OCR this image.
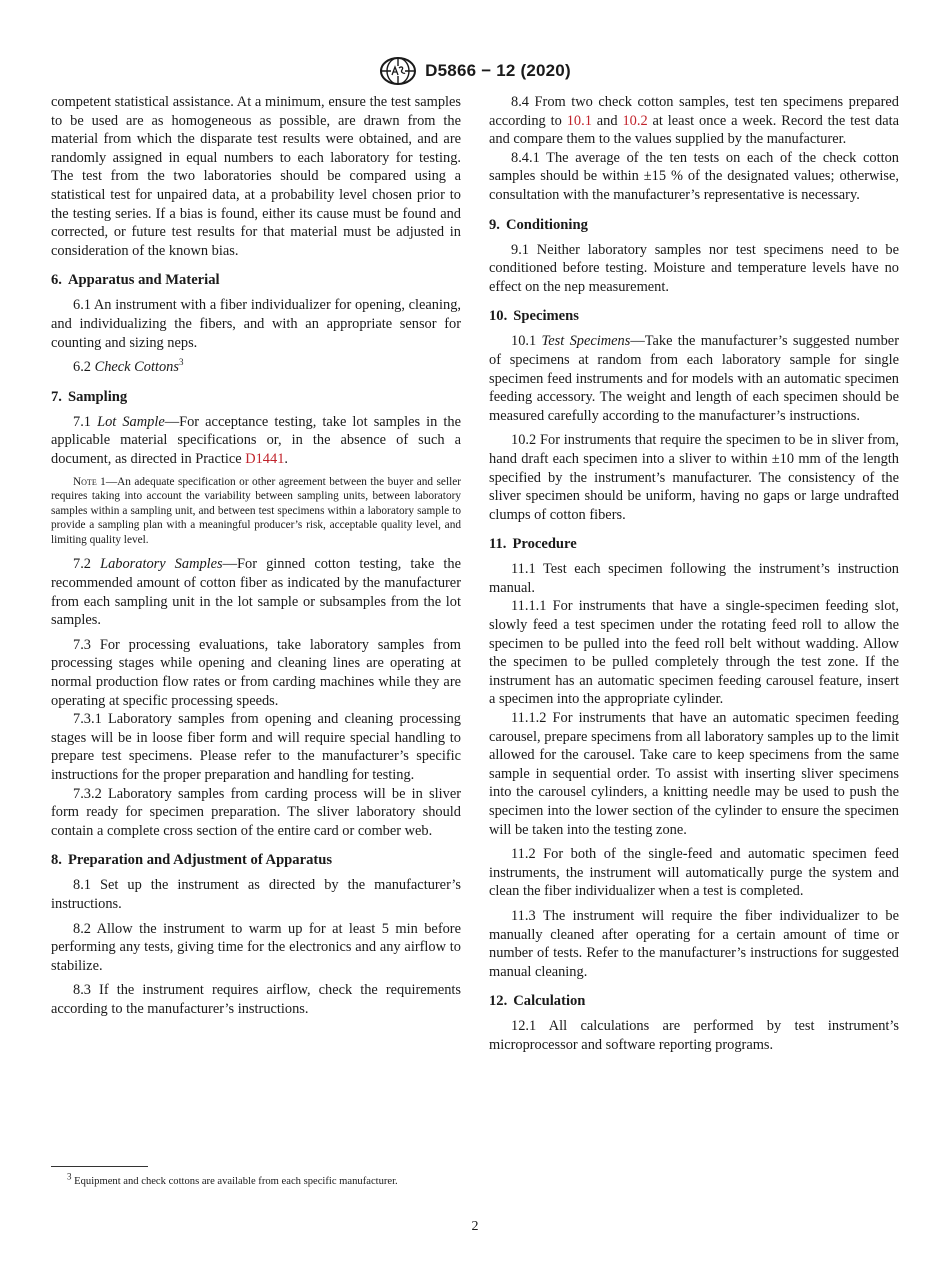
D5866 − 12 (2020)

competent statistical assistance. At a minimum, ensure the test samples to be used are as homogeneous as possible, are drawn from the material from which the disparate test results were obtained, and are randomly assigned in equal numbers to each laboratory for testing. The test from the two laboratories should be compared using a statistical test for unpaired data, at a probability level chosen prior to the testing series. If a bias is found, either its cause must be found and corrected, or future test results for that material must be adjusted in consideration of the known bias.

6. Apparatus and Material

6.1 An instrument with a fiber individualizer for opening, cleaning, and individualizing the fibers, and with an appropriate sensor for counting and sizing neps.

6.2 Check Cottons$^3$

7. Sampling

7.1 Lot Sample—For acceptance testing, take lot samples in the applicable material specifications or, in the absence of such a document, as directed in Practice D1441.

Note 1—An adequate specification or other agreement between the buyer and seller requires taking into account the variability between sampling units, between laboratory samples within a sampling unit, and between test specimens within a laboratory sample to provide a sampling plan with a meaningful producer’s risk, acceptable quality level, and limiting quality level.

7.2 Laboratory Samples—For ginned cotton testing, take the recommended amount of cotton fiber as indicated by the manufacturer from each sampling unit in the lot sample or subsamples from the lot samples.

7.3 For processing evaluations, take laboratory samples from processing stages while opening and cleaning lines are operating at normal production flow rates or from carding machines while they are operating at specific processing speeds.

7.3.1 Laboratory samples from opening and cleaning processing stages will be in loose fiber form and will require special handling to prepare test specimens. Please refer to the manufacturer’s specific instructions for the proper preparation and handling for testing.

7.3.2 Laboratory samples from carding process will be in sliver form ready for specimen preparation. The sliver laboratory should contain a complete cross section of the entire card or comber web.

8. Preparation and Adjustment of Apparatus

8.1 Set up the instrument as directed by the manufacturer’s instructions.

8.2 Allow the instrument to warm up for at least 5 min before performing any tests, giving time for the electronics and any airflow to stabilize.

8.3 If the instrument requires airflow, check the requirements according to the manufacturer’s instructions.

$^3$ Equipment and check cottons are available from each specific manufacturer.

8.4 From two check cotton samples, test ten specimens prepared according to 10.1 and 10.2 at least once a week. Record the test data and compare them to the values supplied by the manufacturer.

8.4.1 The average of the ten tests on each of the check cotton samples should be within ±15 % of the designated values; otherwise, consultation with the manufacturer’s representative is necessary.

9. Conditioning

9.1 Neither laboratory samples nor test specimens need to be conditioned before testing. Moisture and temperature levels have no effect on the nep measurement.

10. Specimens

10.1 Test Specimens—Take the manufacturer’s suggested number of specimens at random from each laboratory sample for single specimen feed instruments and for models with an automatic specimen feeding accessory. The weight and length of each specimen should be measured carefully according to the manufacturer’s instructions.

10.2 For instruments that require the specimen to be in sliver from, hand draft each specimen into a sliver to within ±10 mm of the length specified by the instrument’s manufacturer. The consistency of the sliver specimen should be uniform, having no gaps or large undrafted clumps of cotton fibers.

11. Procedure

11.1 Test each specimen following the instrument’s instruction manual.

11.1.1 For instruments that have a single-specimen feeding slot, slowly feed a test specimen under the rotating feed roll to allow the specimen to be pulled into the feed roll belt without wadding. Allow the specimen to be pulled completely through the test zone. If the instrument has an automatic specimen feeding carousel feature, insert a specimen into the appropriate cylinder.

11.1.2 For instruments that have an automatic specimen feeding carousel, prepare specimens from all laboratory samples up to the limit allowed for the carousel. Take care to keep specimens from the same sample in sequential order. To assist with inserting sliver specimens into the carousel cylinders, a knitting needle may be used to push the specimen into the lower section of the cylinder to ensure the specimen will be taken into the testing zone.

11.2 For both of the single-feed and automatic specimen feed instruments, the instrument will automatically purge the system and clean the fiber individualizer when a test is completed.

11.3 The instrument will require the fiber individualizer to be manually cleaned after operating for a certain amount of time or number of tests. Refer to the manufacturer’s instructions for suggested manual cleaning.

12. Calculation

12.1 All calculations are performed by test instrument’s microprocessor and software reporting programs.

2
